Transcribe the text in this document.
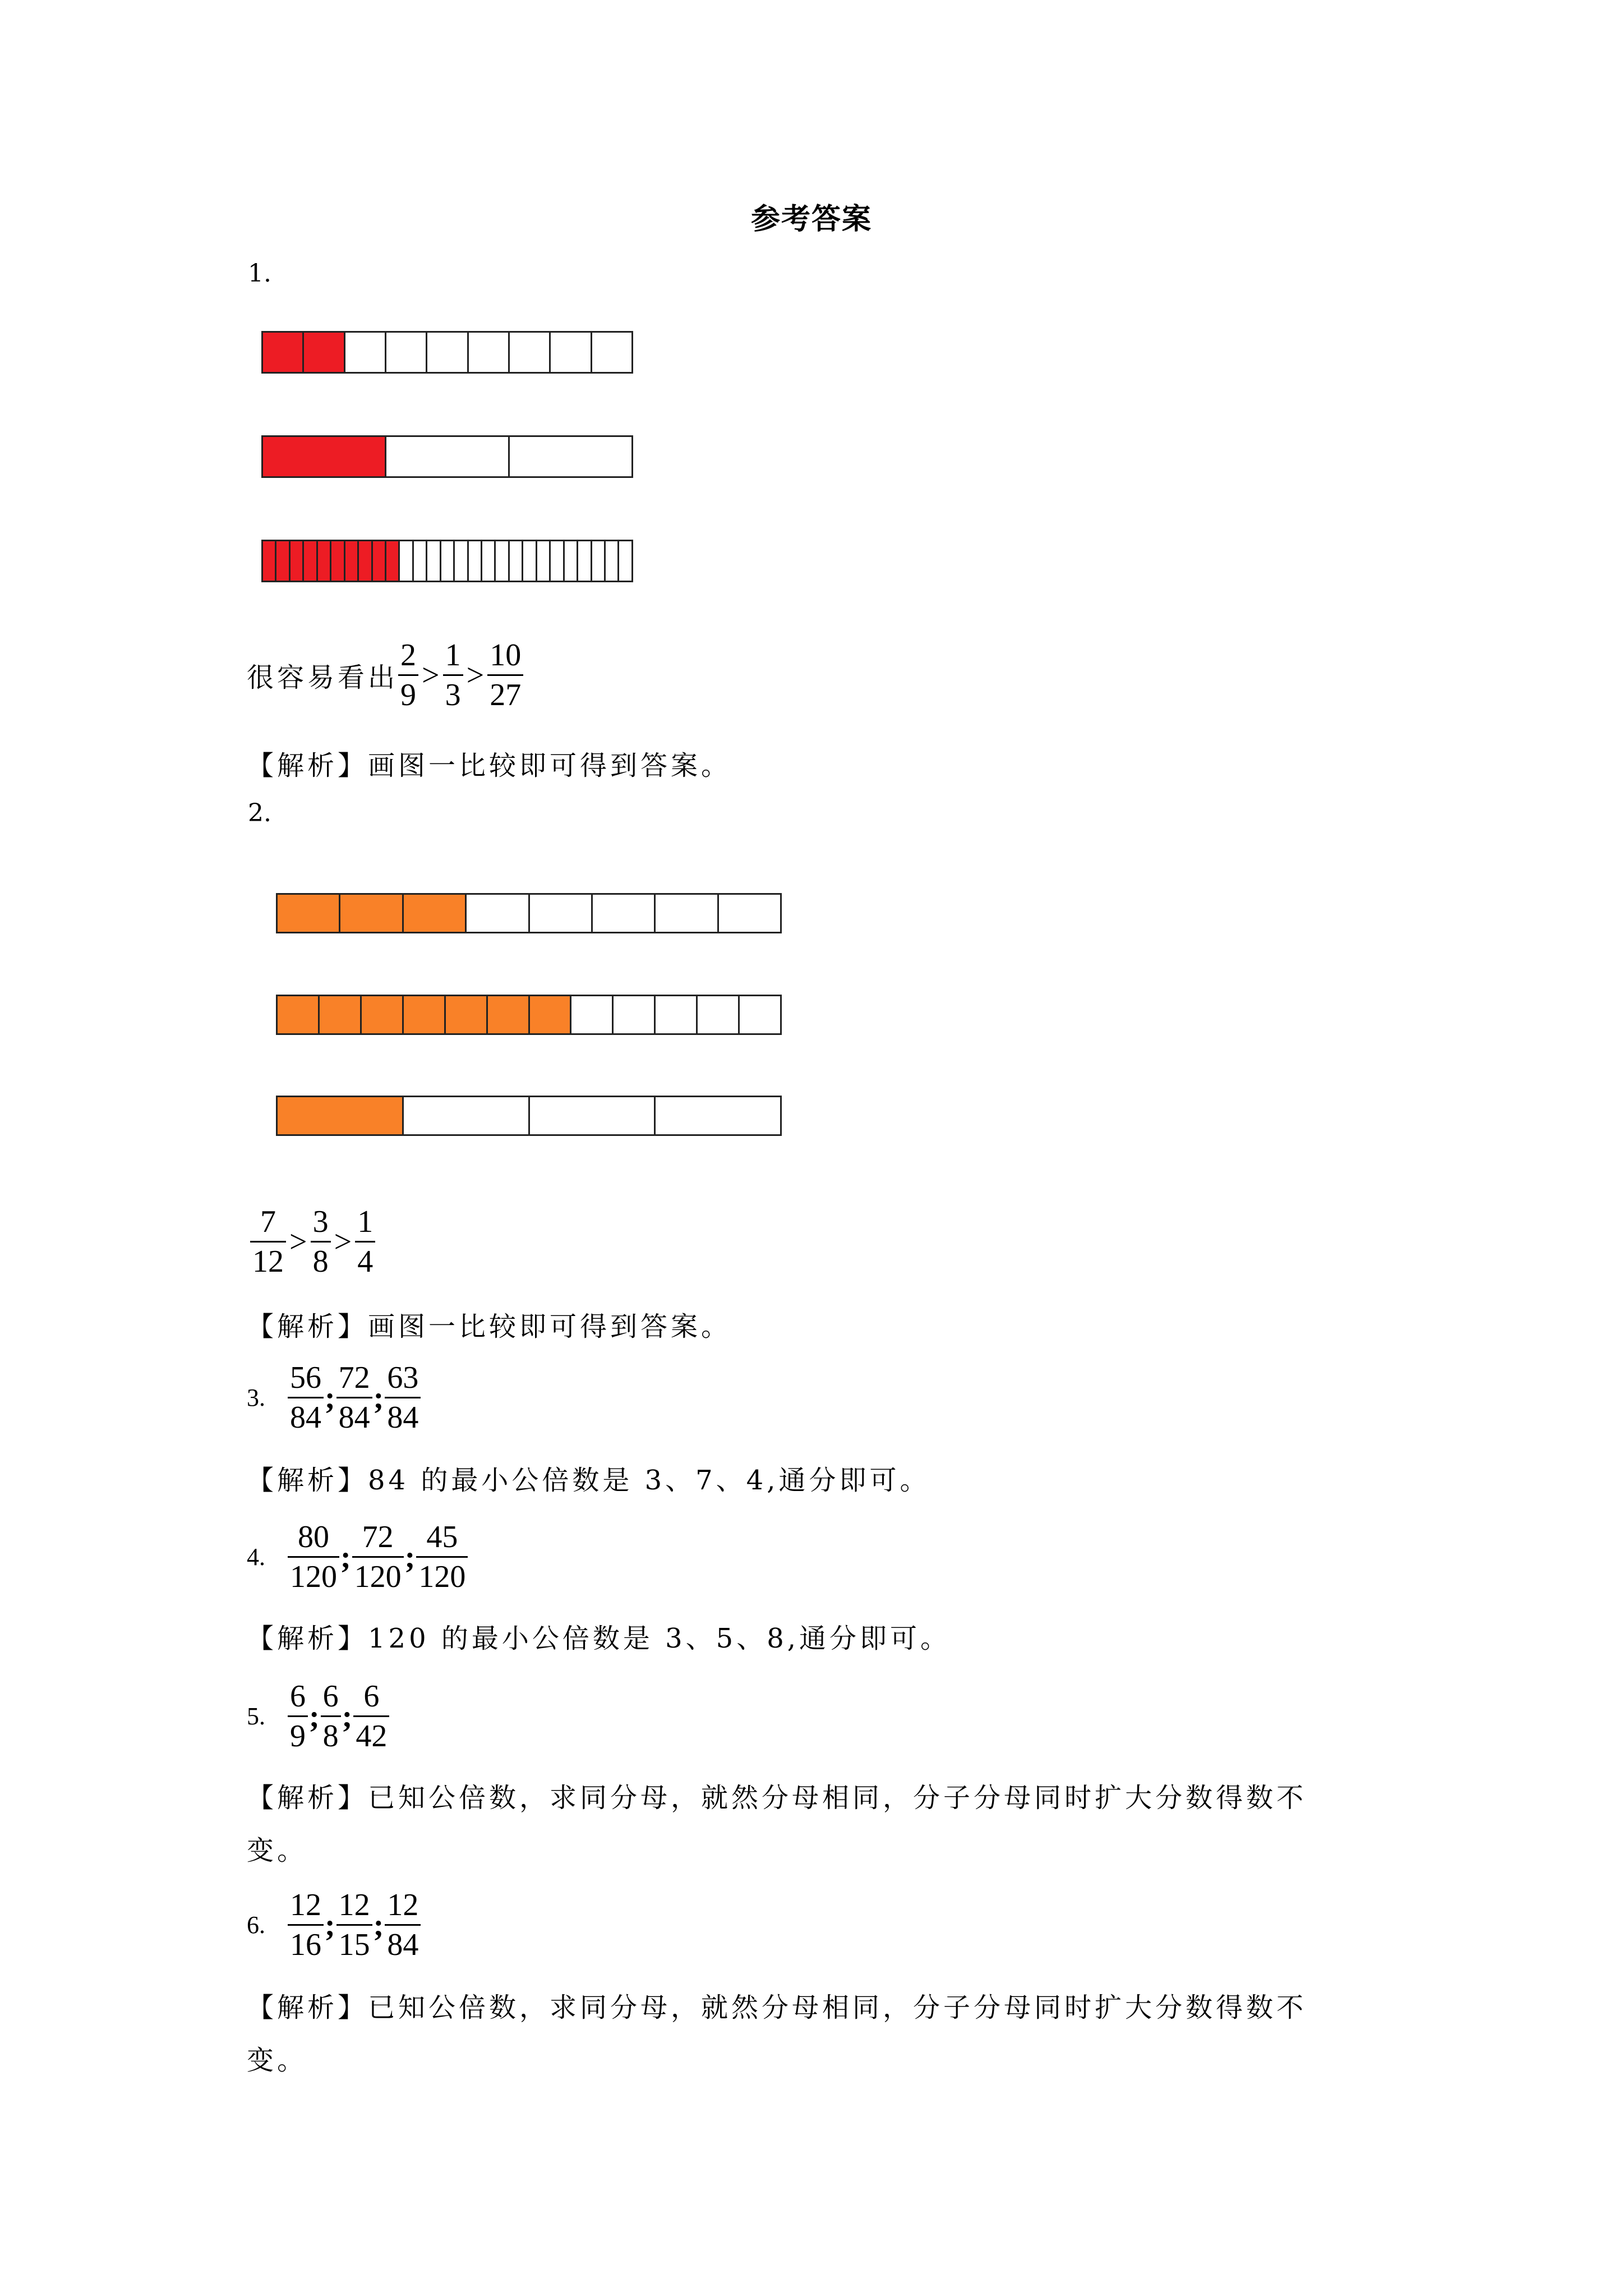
参考答案
1.
很容易看出 $\frac{2}{9} > \frac{1}{3} > \frac{10}{27}$
【解析】画图一比较即可得到答案。
2.
$\frac{7}{12} > \frac{3}{8} > \frac{1}{4}$
【解析】画图一比较即可得到答案。
3. $\frac{56}{84}$ ; $\frac{72}{84}$ ; $\frac{63}{84}$
【解析】84 的最小公倍数是 3、7、4,通分即可。
4. $\frac{80}{120}$ ; $\frac{72}{120}$ ; $\frac{45}{120}$
【解析】120 的最小公倍数是 3、5、8,通分即可。
5. $\frac{6}{9}$ ; $\frac{6}{8}$ ; $\frac{6}{42}$
【解析】已知公倍数，求同分母，就然分母相同，分子分母同时扩大分数得数不
变。
6. $\frac{12}{16}$ ; $\frac{12}{15}$ ; $\frac{12}{84}$
【解析】已知公倍数，求同分母，就然分母相同，分子分母同时扩大分数得数不
变。
